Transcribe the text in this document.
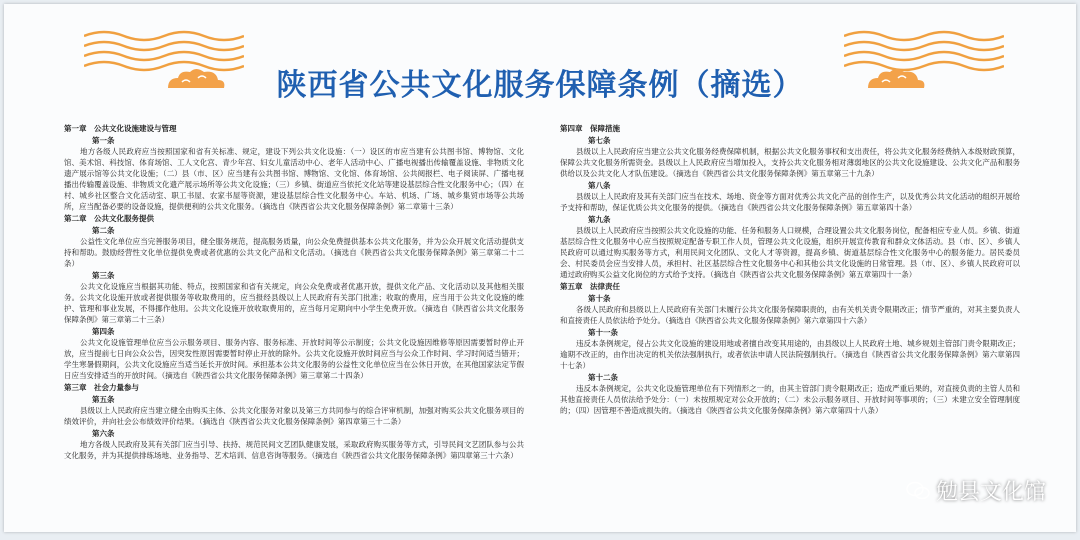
陕西省公共文化服务保障条例（摘选）
第一章　公共文化设施建设与管理
第一条
地方各级人民政府应当按照国家和省有关标准、规定，建设下列公共文化设施：（一）设区的市应当建有公共图书馆、博物馆、文化馆、美术馆、科技馆、体育场馆、工人文化宫、青少年宫、妇女儿童活动中心、老年人活动中心、广播电视播出传输覆盖设施、非物质文化遗产展示馆等公共文化设施；（二）县（市、区）应当建有公共图书馆、博物馆、文化馆、体育场馆、公共阅报栏、电子阅读屏、广播电视播出传输覆盖设施、非物质文化遗产展示场所等公共文化设施；（三）乡镇、街道应当依托文化站等建设基层综合性文化服务中心；（四）在村、城乡社区整合文化活动室、职工书屋、农家书屋等资源，建设基层综合性文化服务中心。车站、机场、广场、城乡集贸市场等公共场所，应当配备必要的设备设施，提供便利的公共文化服务。（摘选自《陕西省公共文化服务保障条例》第二章第十三条）
第二章　公共文化服务提供
第二条
公益性文化单位应当完善服务项目，健全服务规范，提高服务质量，向公众免费提供基本公共文化服务，并为公众开展文化活动提供支持和帮助。鼓励经营性文化单位提供免费或者优惠的公共文化产品和文化活动。（摘选自《陕西省公共文化服务保障条例》第三章第二十二条）
第三条
公共文化设施应当根据其功能、特点，按照国家和省有关规定，向公众免费或者优惠开放，提供文化产品、文化活动以及其他相关服务。公共文化设施开放或者提供服务等收取费用的，应当报经县级以上人民政府有关部门批准；收取的费用，应当用于公共文化设施的维护、管理和事业发展，不得挪作他用。公共文化设施开放收取费用的，应当每月定期向中小学生免费开放。（摘选自《陕西省公共文化服务保障条例》第三章第二十三条）
第四条
公共文化设施管理单位应当公示服务项目、服务内容、服务标准、开放时间等公示制度；公共文化设施因维修等原因需要暂时停止开放，应当提前七日向公众公告，因突发性原因需要暂时停止开放的除外。公共文化设施开放时间应当与公众工作时间、学习时间适当错开；学生寒暑假期间，公共文化设施应当适当延长开放时间。承担基本公共文化服务的公益性文化单位应当在公休日开放，在其他国家法定节假日应当安排适当的开放时间。（摘选自《陕西省公共文化服务保障条例》第三章第二十四条）
第三章　社会力量参与
第五条
县级以上人民政府应当建立健全由购买主体、公共文化服务对象以及第三方共同参与的综合评审机制，加强对购买公共文化服务项目的绩效评价，并向社会公布绩效评价结果。（摘选自《陕西省公共文化服务保障条例》第四章第三十二条）
第六条
地方各级人民政府及其有关部门应当引导、扶持、规范民间文艺团队健康发展，采取政府购买服务等方式，引导民间文艺团队参与公共文化服务，并为其提供排练场地、业务指导、艺术培训、信息咨询等服务。（摘选自《陕西省公共文化服务保障条例》第四章第三十六条）
第四章　保障措施
第七条
县级以上人民政府应当建立公共文化服务经费保障机制，根据公共文化服务事权和支出责任，将公共文化服务经费纳入本级财政预算，保障公共文化服务所需资金。县级以上人民政府应当增加投入，支持公共文化服务相对薄弱地区的公共文化设施建设、公共文化产品和服务供给以及公共文化人才队伍建设。（摘选自《陕西省公共文化服务保障条例》第五章第三十九条）
第八条
县级以上人民政府及其有关部门应当在技术、场地、资金等方面对优秀公共文化产品的创作生产，以及优秀公共文化活动的组织开展给予支持和帮助，保证优质公共文化服务的提供。（摘选自《陕西省公共文化服务保障条例》第五章第四十条）
第九条
县级以上人民政府应当按照公共文化设施的功能、任务和服务人口规模，合理设置公共文化服务岗位，配备相应专业人员。乡镇、街道基层综合性文化服务中心应当按照规定配备专职工作人员，管理公共文化设施，组织开展宣传教育和群众文体活动。县（市、区）、乡镇人民政府可以通过购买服务等方式，利用民间文化团队、文化人才等资源，提高乡镇、街道基层综合性文化服务中心的服务能力。居民委员会、村民委员会应当安排人员，承担村、社区基层综合性文化服务中心和其他公共文化设施的日常管理。县（市、区）、乡镇人民政府可以通过政府购买公益文化岗位的方式给予支持。（摘选自《陕西省公共文化服务保障条例》第五章第四十一条）
第五章　法律责任
第十条
各级人民政府和县级以上人民政府有关部门未履行公共文化服务保障职责的，由有关机关责令限期改正；情节严重的，对其主要负责人和直接责任人员依法给予处分。（摘选自《陕西省公共文化服务保障条例》第六章第四十六条）
第十一条
违反本条例规定，侵占公共文化设施的建设用地或者擅自改变其用途的，由县级以上人民政府土地、城乡规划主管部门责令限期改正；逾期不改正的，由作出决定的机关依法强制执行，或者依法申请人民法院强制执行。（摘选自《陕西省公共文化服务保障条例》第六章第四十七条）
第十二条
违反本条例规定，公共文化设施管理单位有下列情形之一的，由其主管部门责令限期改正；造成严重后果的，对直接负责的主管人员和其他直接责任人员依法给予处分：（一）未按照规定对公众开放的；（二）未公示服务项目、开放时间等事项的；（三）未建立安全管理制度的；（四）因管理不善造成损失的。（摘选自《陕西省公共文化服务保障条例》第六章第四十八条）
勉县文化馆
